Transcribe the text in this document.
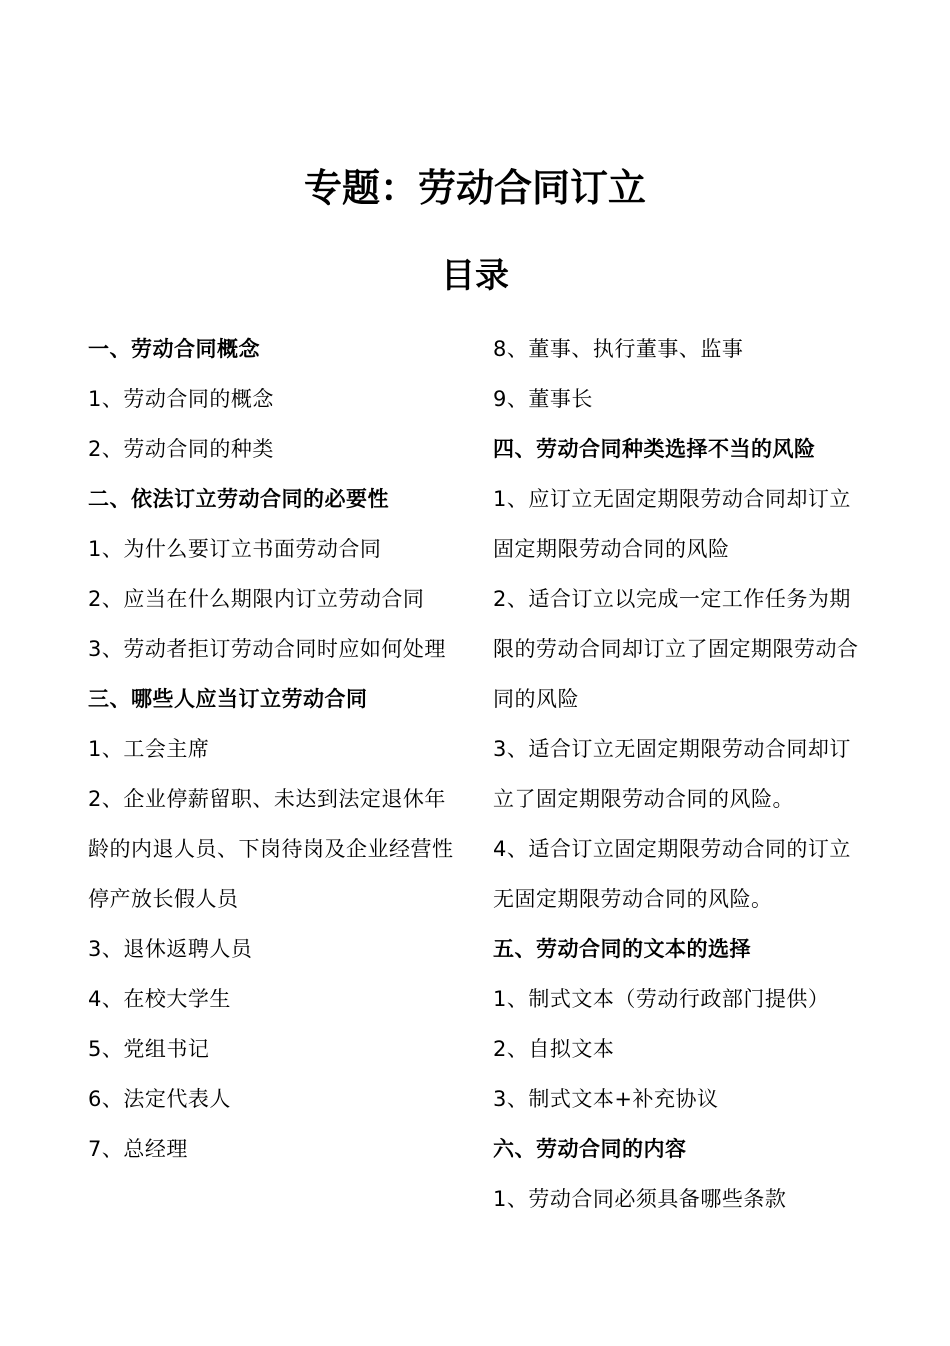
专题：劳动合同订立
目录
一、劳动合同概念
1、劳动合同的概念
2、劳动合同的种类
二、依法订立劳动合同的必要性
1、为什么要订立书面劳动合同
2、应当在什么期限内订立劳动合同
3、劳动者拒订劳动合同时应如何处理
三、哪些人应当订立劳动合同
1、工会主席
2、企业停薪留职、未达到法定退休年龄的内退人员、下岗待岗及企业经营性停产放长假人员
3、退休返聘人员
4、在校大学生
5、党组书记
6、法定代表人
7、总经理
8、董事、执行董事、监事
9、董事长
四、劳动合同种类选择不当的风险
1、应订立无固定期限劳动合同却订立固定期限劳动合同的风险
2、适合订立以完成一定工作任务为期限的劳动合同却订立了固定期限劳动合同的风险
3、适合订立无固定期限劳动合同却订立了固定期限劳动合同的风险。
4、适合订立固定期限劳动合同的订立无固定期限劳动合同的风险。
五、劳动合同的文本的选择
1、制式文本（劳动行政部门提供）
2、自拟文本
3、制式文本+补充协议
六、劳动合同的内容
1、劳动合同必须具备哪些条款
